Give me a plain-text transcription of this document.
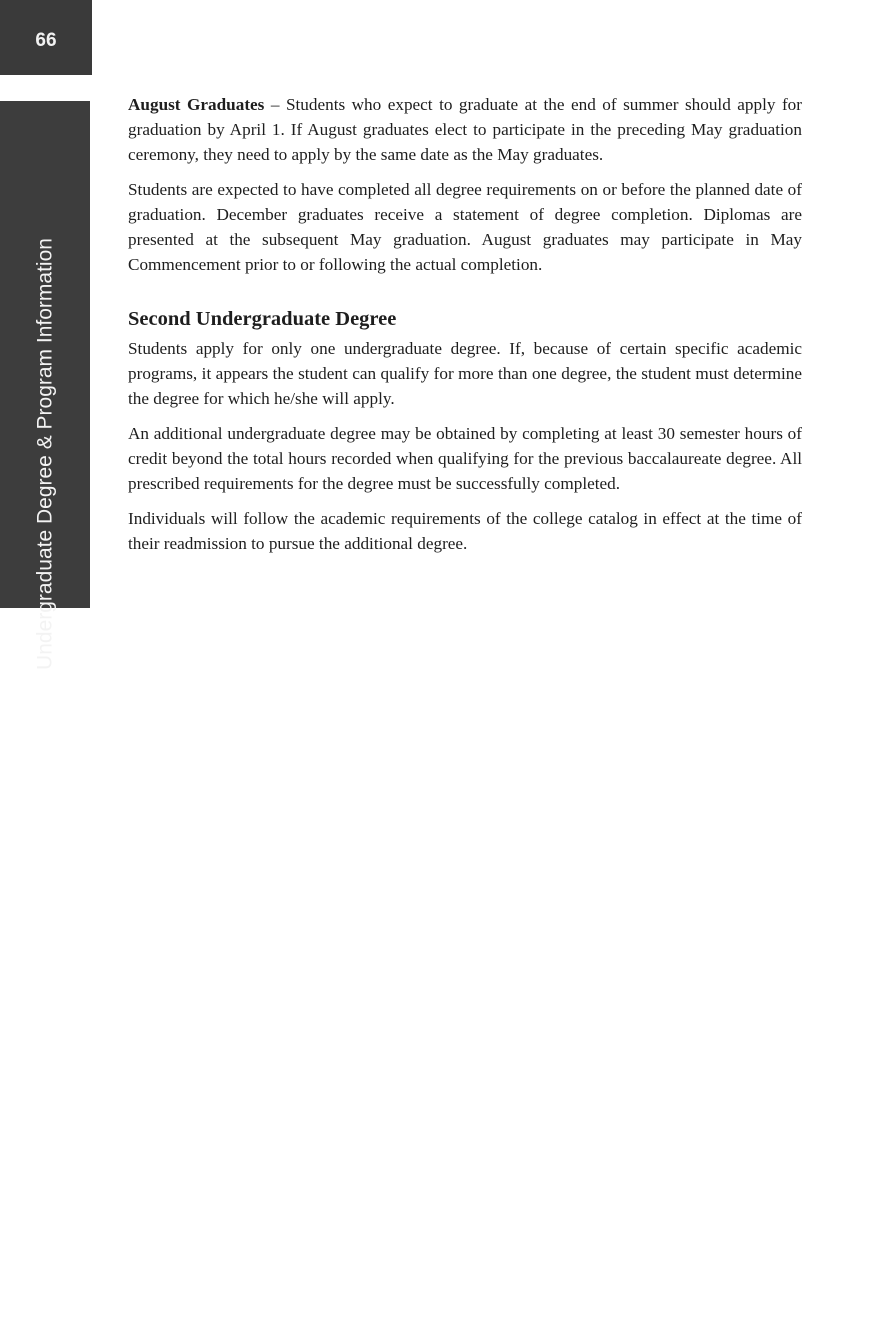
66
Undergraduate Degree & Program Information

August Graduates – Students who expect to graduate at the end of summer should apply for graduation by April 1. If August graduates elect to participate in the preceding May graduation ceremony, they need to apply by the same date as the May graduates.

Students are expected to have completed all degree requirements on or before the planned date of graduation. December graduates receive a statement of degree completion. Diplomas are presented at the subsequent May graduation. August graduates may participate in May Commencement prior to or following the actual completion.

Second Undergraduate Degree

Students apply for only one undergraduate degree. If, because of certain specific academic programs, it appears the student can qualify for more than one degree, the student must determine the degree for which he/she will apply.

An additional undergraduate degree may be obtained by completing at least 30 semester hours of credit beyond the total hours recorded when qualifying for the previous baccalaureate degree. All prescribed requirements for the degree must be successfully completed.

Individuals will follow the academic requirements of the college catalog in effect at the time of their readmission to pursue the additional degree.
